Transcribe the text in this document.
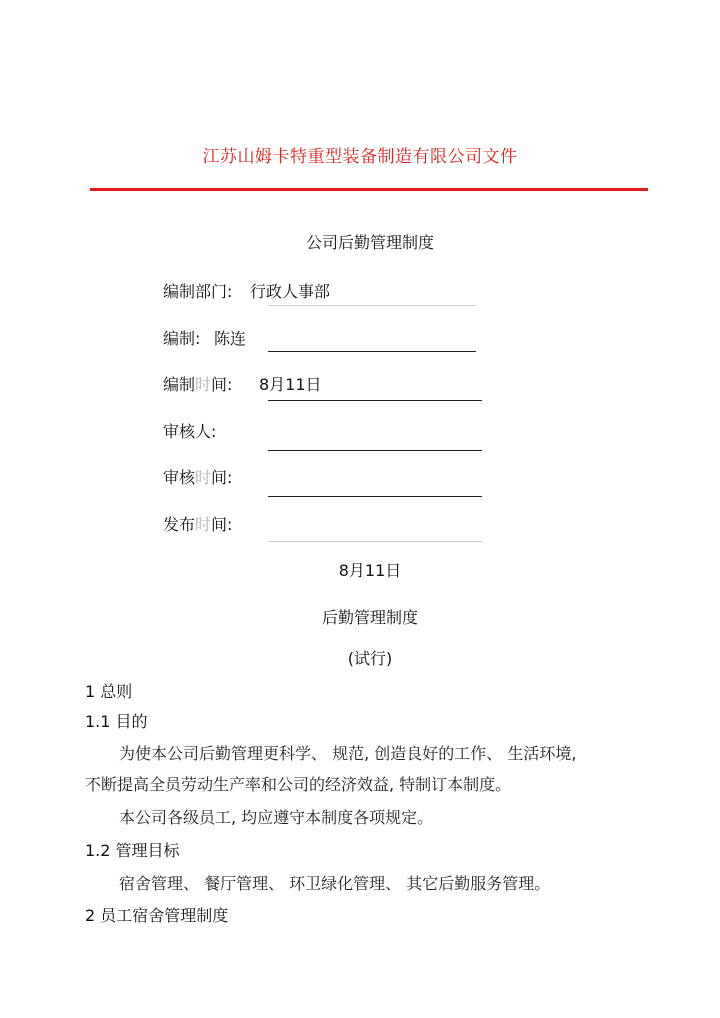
江苏山姆卡特重型装备制造有限公司文件
公司后勤管理制度
编制部门: 行政人事部
编制: 陈连
编制时间: 8月11日
审核人:
审核时间:
发布时间:
8月11日
后勤管理制度
(试行)
1 总则
1.1 目的
为使本公司后勤管理更科学、 规范, 创造良好的工作、 生活环境,
不断提高全员劳动生产率和公司的经济效益, 特制订本制度。
本公司各级员工, 均应遵守本制度各项规定。
1.2 管理目标
宿舍管理、 餐厅管理、 环卫绿化管理、 其它后勤服务管理。
2 员工宿舍管理制度
